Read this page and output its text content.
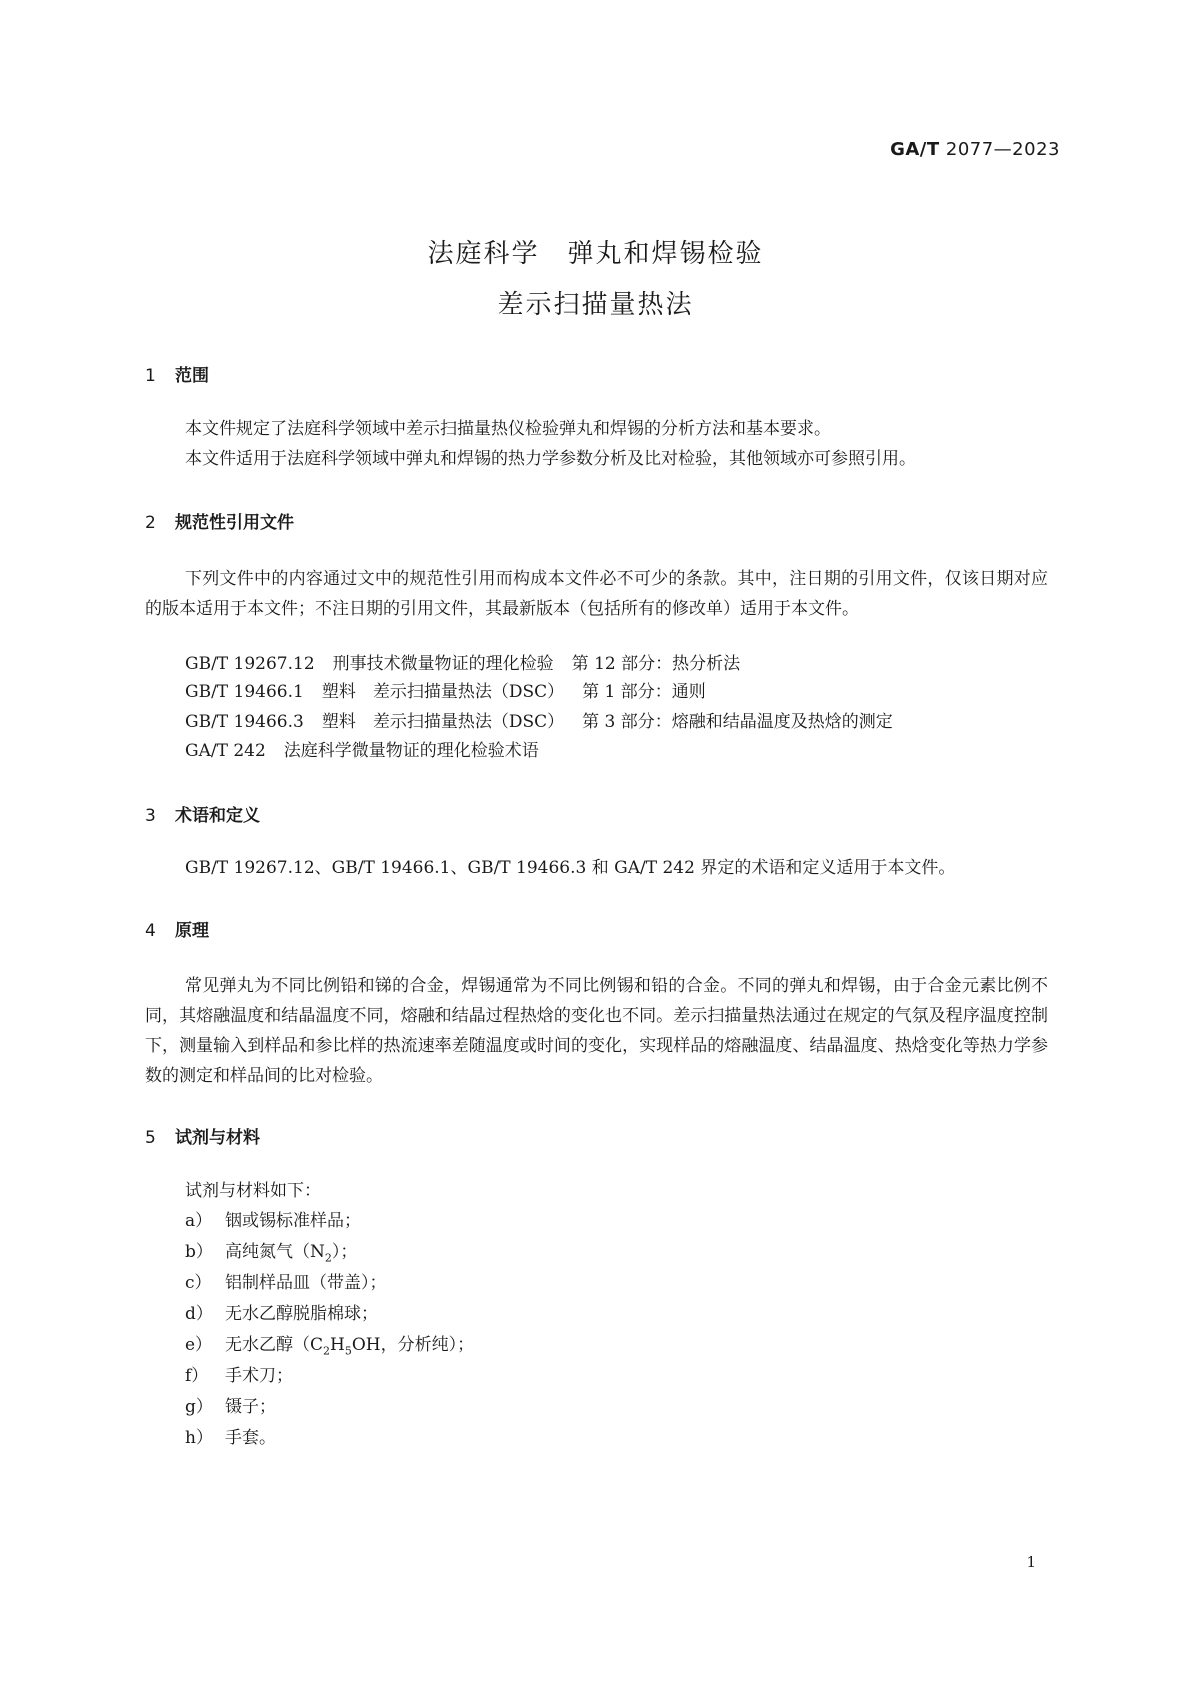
GA/T 2077—2023
法庭科学　弹丸和焊锡检验
差示扫描量热法
1 范围
本文件规定了法庭科学领域中差示扫描量热仪检验弹丸和焊锡的分析方法和基本要求。
本文件适用于法庭科学领域中弹丸和焊锡的热力学参数分析及比对检验，其他领域亦可参照引用。
2 规范性引用文件
下列文件中的内容通过文中的规范性引用而构成本文件必不可少的条款。其中，注日期的引用文件，仅该日期对应的版本适用于本文件；不注日期的引用文件，其最新版本（包括所有的修改单）适用于本文件。
GB/T 19267.12 刑事技术微量物证的理化检验 第 12 部分：热分析法
GB/T 19466.1 塑料　差示扫描量热法（DSC） 第 1 部分：通则
GB/T 19466.3 塑料　差示扫描量热法（DSC） 第 3 部分：熔融和结晶温度及热焓的测定
GA/T 242 法庭科学微量物证的理化检验术语
3 术语和定义
GB/T 19267.12、GB/T 19466.1、GB/T 19466.3 和 GA/T 242 界定的术语和定义适用于本文件。
4 原理
常见弹丸为不同比例铅和锑的合金，焊锡通常为不同比例锡和铅的合金。不同的弹丸和焊锡，由于合金元素比例不同，其熔融温度和结晶温度不同，熔融和结晶过程热焓的变化也不同。差示扫描量热法通过在规定的气氛及程序温度控制下，测量输入到样品和参比样的热流速率差随温度或时间的变化，实现样品的熔融温度、结晶温度、热焓变化等热力学参数的测定和样品间的比对检验。
5 试剂与材料
试剂与材料如下：
a） 铟或锡标准样品；
b） 高纯氮气$(N_2)$；
c） 铝制样品皿（带盖）；
d） 无水乙醇脱脂棉球；
e） 无水乙醇（$C_2H_5OH$，分析纯）；
f） 手术刀；
g） 镊子；
h） 手套。
1
